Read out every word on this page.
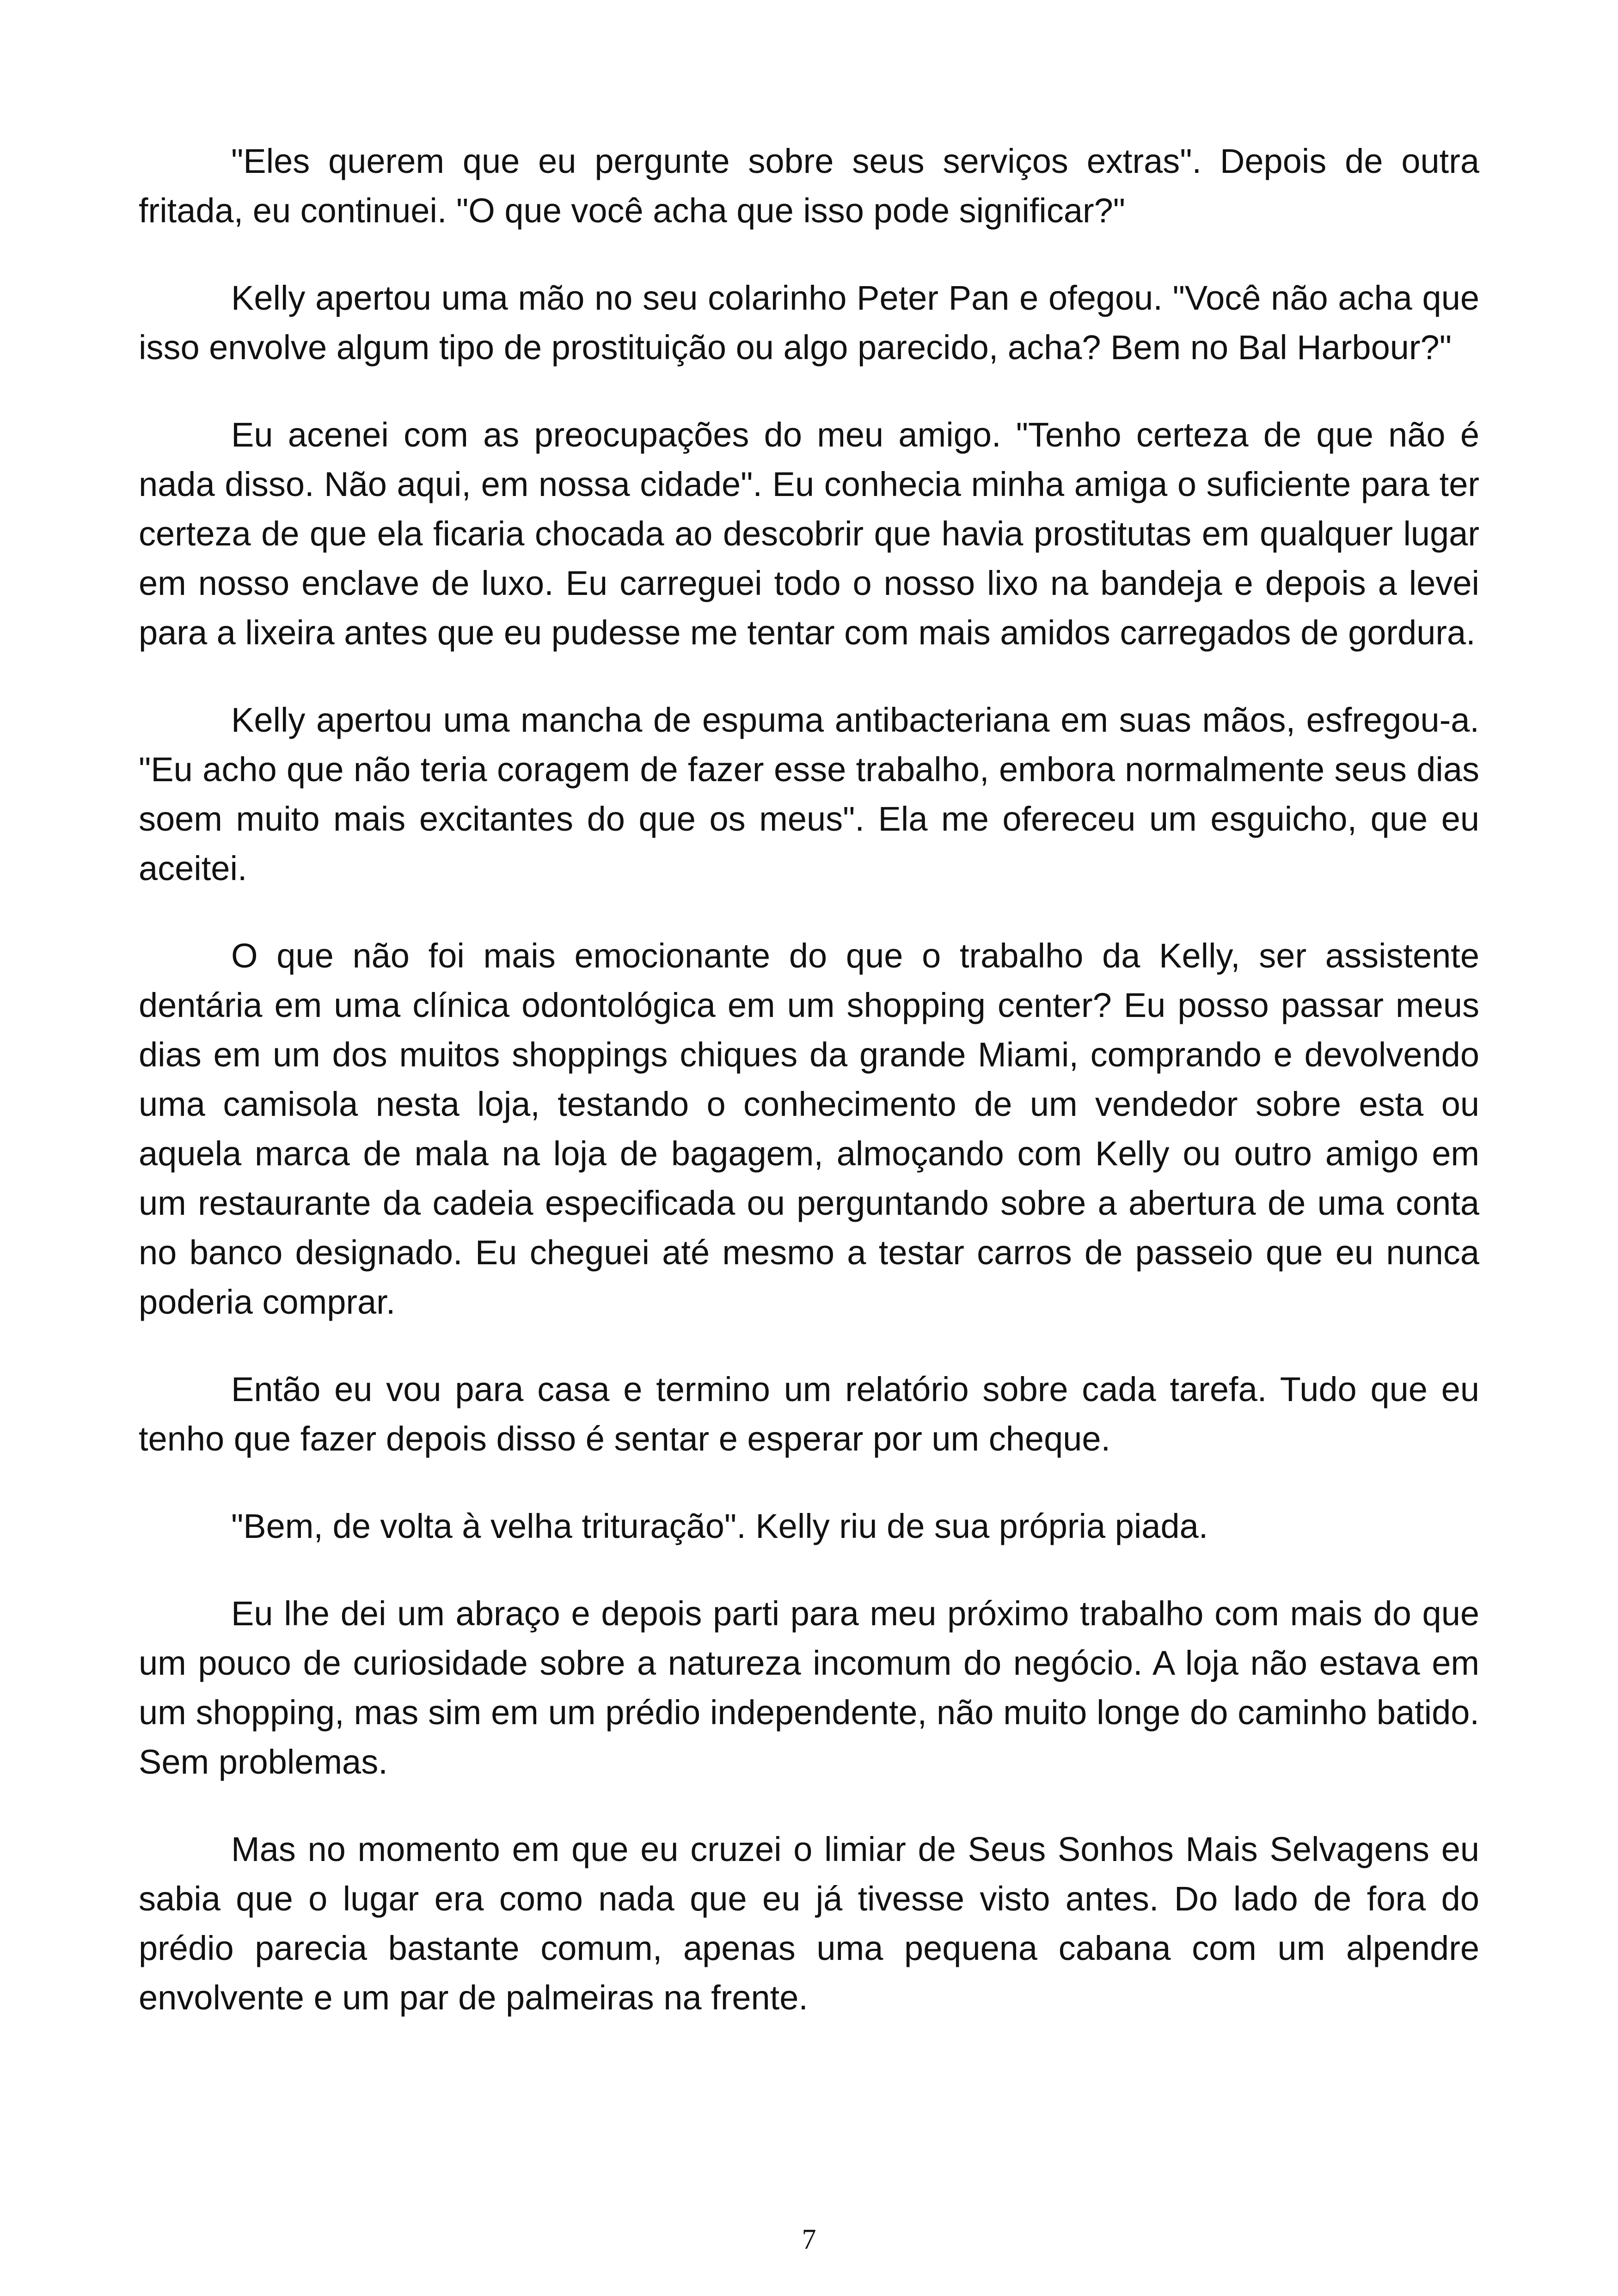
"Eles querem que eu pergunte sobre seus serviços extras". Depois de outra fritada, eu continuei. "O que você acha que isso pode significar?"

Kelly apertou uma mão no seu colarinho Peter Pan e ofegou. "Você não acha que isso envolve algum tipo de prostituição ou algo parecido, acha? Bem no Bal Harbour?"

Eu acenei com as preocupações do meu amigo. "Tenho certeza de que não é nada disso. Não aqui, em nossa cidade". Eu conhecia minha amiga o suficiente para ter certeza de que ela ficaria chocada ao descobrir que havia prostitutas em qualquer lugar em nosso enclave de luxo. Eu carreguei todo o nosso lixo na bandeja e depois a levei para a lixeira antes que eu pudesse me tentar com mais amidos carregados de gordura.

Kelly apertou uma mancha de espuma antibacteriana em suas mãos, esfregou-a. "Eu acho que não teria coragem de fazer esse trabalho, embora normalmente seus dias soem muito mais excitantes do que os meus". Ela me ofereceu um esguicho, que eu aceitei.

O que não foi mais emocionante do que o trabalho da Kelly, ser assistente dentária em uma clínica odontológica em um shopping center? Eu posso passar meus dias em um dos muitos shoppings chiques da grande Miami, comprando e devolvendo uma camisola nesta loja, testando o conhecimento de um vendedor sobre esta ou aquela marca de mala na loja de bagagem, almoçando com Kelly ou outro amigo em um restaurante da cadeia especificada ou perguntando sobre a abertura de uma conta no banco designado. Eu cheguei até mesmo a testar carros de passeio que eu nunca poderia comprar.

Então eu vou para casa e termino um relatório sobre cada tarefa. Tudo que eu tenho que fazer depois disso é sentar e esperar por um cheque.

"Bem, de volta à velha trituração". Kelly riu de sua própria piada.

Eu lhe dei um abraço e depois parti para meu próximo trabalho com mais do que um pouco de curiosidade sobre a natureza incomum do negócio. A loja não estava em um shopping, mas sim em um prédio independente, não muito longe do caminho batido. Sem problemas.

Mas no momento em que eu cruzei o limiar de Seus Sonhos Mais Selvagens eu sabia que o lugar era como nada que eu já tivesse visto antes. Do lado de fora do prédio parecia bastante comum, apenas uma pequena cabana com um alpendre envolvente e um par de palmeiras na frente.

7
